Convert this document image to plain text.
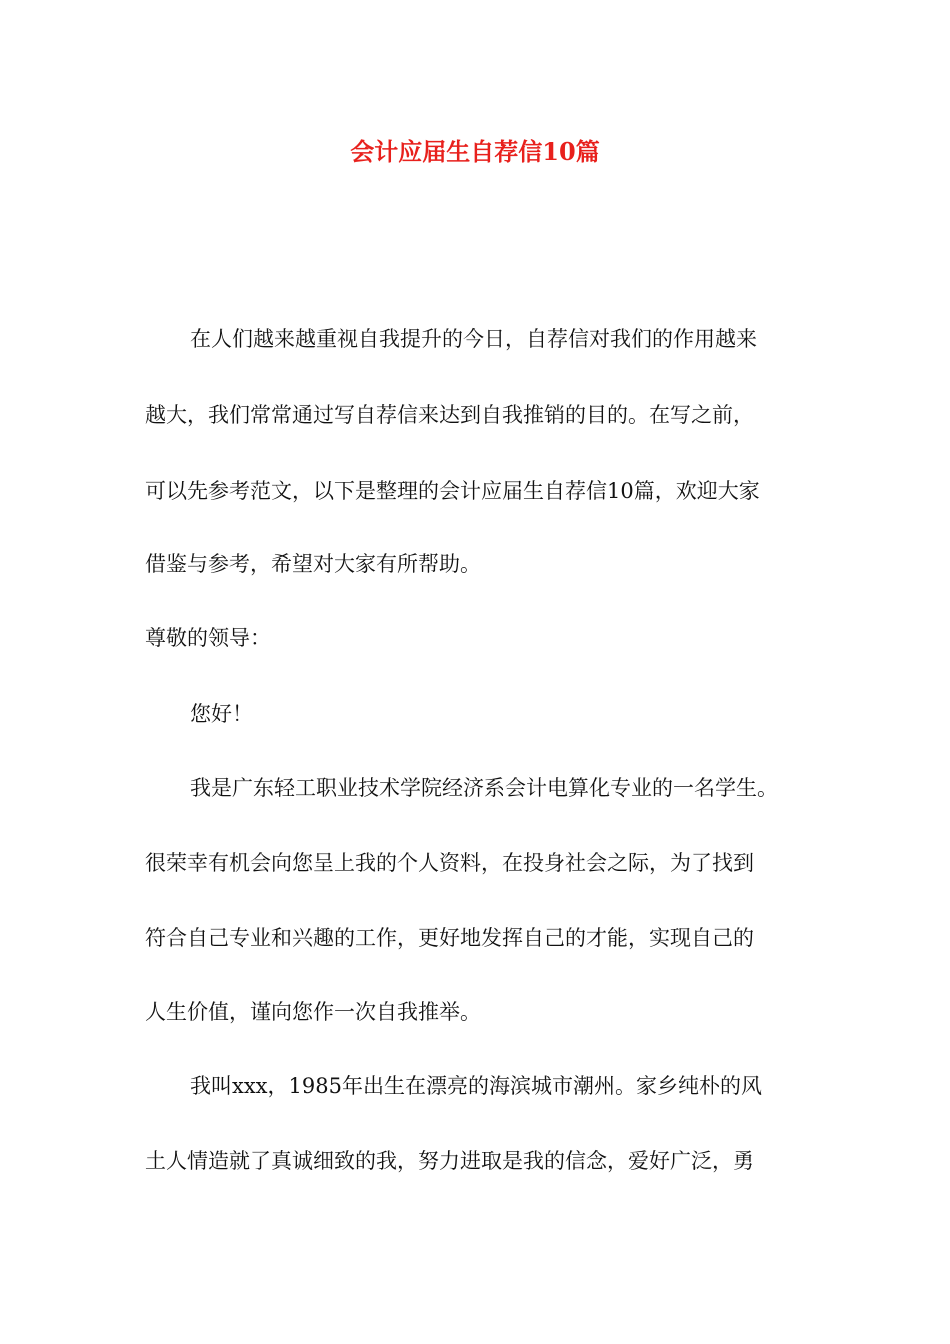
会计应届生自荐信10篇
在人们越来越重视自我提升的今日，自荐信对我们的作用越来
越大，我们常常通过写自荐信来达到自我推销的目的。在写之前，
可以先参考范文，以下是整理的会计应届生自荐信10篇，欢迎大家
借鉴与参考，希望对大家有所帮助。
尊敬的领导：
您好！
我是广东轻工职业技术学院经济系会计电算化专业的一名学生。
很荣幸有机会向您呈上我的个人资料，在投身社会之际，为了找到
符合自己专业和兴趣的工作，更好地发挥自己的才能，实现自己的
人生价值，谨向您作一次自我推举。
我叫xxx，1985年出生在漂亮的海滨城市潮州。家乡纯朴的风
土人情造就了真诚细致的我，努力进取是我的信念，爱好广泛，勇
